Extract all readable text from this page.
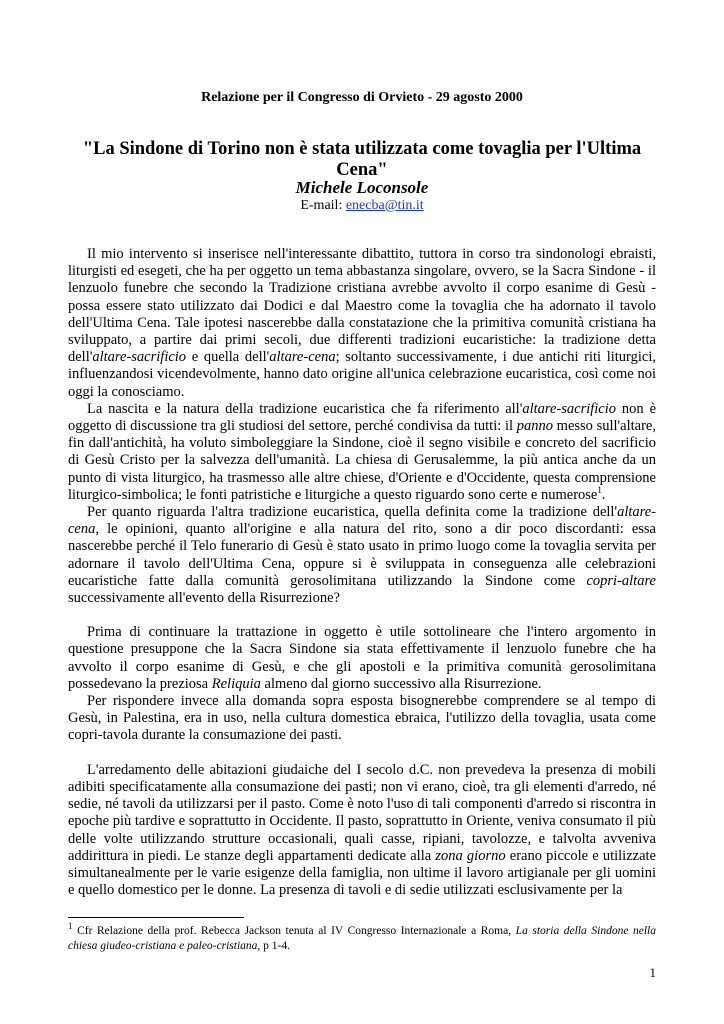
Relazione per il Congresso di Orvieto - 29 agosto 2000
"La Sindone di Torino non è stata utilizzata come tovaglia per l'Ultima Cena"
Michele Loconsole
E-mail: enecba@tin.it

Il mio intervento si inserisce nell'interessante dibattito, tuttora in corso tra sindonologi ebraisti, liturgisti ed esegeti, che ha per oggetto un tema abbastanza singolare, ovvero, se la Sacra Sindone - il lenzuolo funebre che secondo la Tradizione cristiana avrebbe avvolto il corpo esanime di Gesù - possa essere stato utilizzato dai Dodici e dal Maestro come la tovaglia che ha adornato il tavolo dell'Ultima Cena. Tale ipotesi nascerebbe dalla constatazione che la primitiva comunità cristiana ha sviluppato, a partire dai primi secoli, due differenti tradizioni eucaristiche: la tradizione detta dell'altare-sacrificio e quella dell'altare-cena; soltanto successivamente, i due antichi riti liturgici, influenzandosi vicendevolmente, hanno dato origine all'unica celebrazione eucaristica, così come noi oggi la conosciamo.

La nascita e la natura della tradizione eucaristica che fa riferimento all'altare-sacrificio non è oggetto di discussione tra gli studiosi del settore, perché condivisa da tutti: il panno messo sull'altare, fin dall'antichità, ha voluto simboleggiare la Sindone, cioè il segno visibile e concreto del sacrificio di Gesù Cristo per la salvezza dell'umanità. La chiesa di Gerusalemme, la più antica anche da un punto di vista liturgico, ha trasmesso alle altre chiese, d'Oriente e d'Occidente, questa comprensione liturgico-simbolica; le fonti patristiche e liturgiche a questo riguardo sono certe e numerose$^1$.

Per quanto riguarda l'altra tradizione eucaristica, quella definita come la tradizione dell'altare-cena, le opinioni, quanto all'origine e alla natura del rito, sono a dir poco discordanti: essa nascerebbe perché il Telo funerario di Gesù è stato usato in primo luogo come la tovaglia servita per adornare il tavolo dell'Ultima Cena, oppure si è sviluppata in conseguenza alle celebrazioni eucaristiche fatte dalla comunità gerosolimitana utilizzando la Sindone come copri-altare successivamente all'evento della Risurrezione?

Prima di continuare la trattazione in oggetto è utile sottolineare che l'intero argomento in questione presuppone che la Sacra Sindone sia stata effettivamente il lenzuolo funebre che ha avvolto il corpo esanime di Gesù, e che gli apostoli e la primitiva comunità gerosolimitana possedevano la preziosa Reliquia almeno dal giorno successivo alla Risurrezione.

Per rispondere invece alla domanda sopra esposta bisognerebbe comprendere se al tempo di Gesù, in Palestina, era in uso, nella cultura domestica ebraica, l'utilizzo della tovaglia, usata come copri-tavola durante la consumazione dei pasti.

L'arredamento delle abitazioni giudaiche del I secolo d.C. non prevedeva la presenza di mobili adibiti specificatamente alla consumazione dei pasti; non vi erano, cioè, tra gli elementi d'arredo, né sedie, né tavoli da utilizzarsi per il pasto. Come è noto l'uso di tali componenti d'arredo si riscontra in epoche più tardive e soprattutto in Occidente. Il pasto, soprattutto in Oriente, veniva consumato il più delle volte utilizzando strutture occasionali, quali casse, ripiani, tavolozze, e talvolta avveniva addirittura in piedi. Le stanze degli appartamenti dedicate alla zona giorno erano piccole e utilizzate simultanealmente per le varie esigenze della famiglia, non ultime il lavoro artigianale per gli uomini e quello domestico per le donne. La presenza di tavoli e di sedie utilizzati esclusivamente per la

$^1$ Cfr Relazione della prof. Rebecca Jackson tenuta al IV Congresso Internazionale a Roma, La storia della Sindone nella chiesa giudeo-cristiana e paleo-cristiana, p 1-4.
1
